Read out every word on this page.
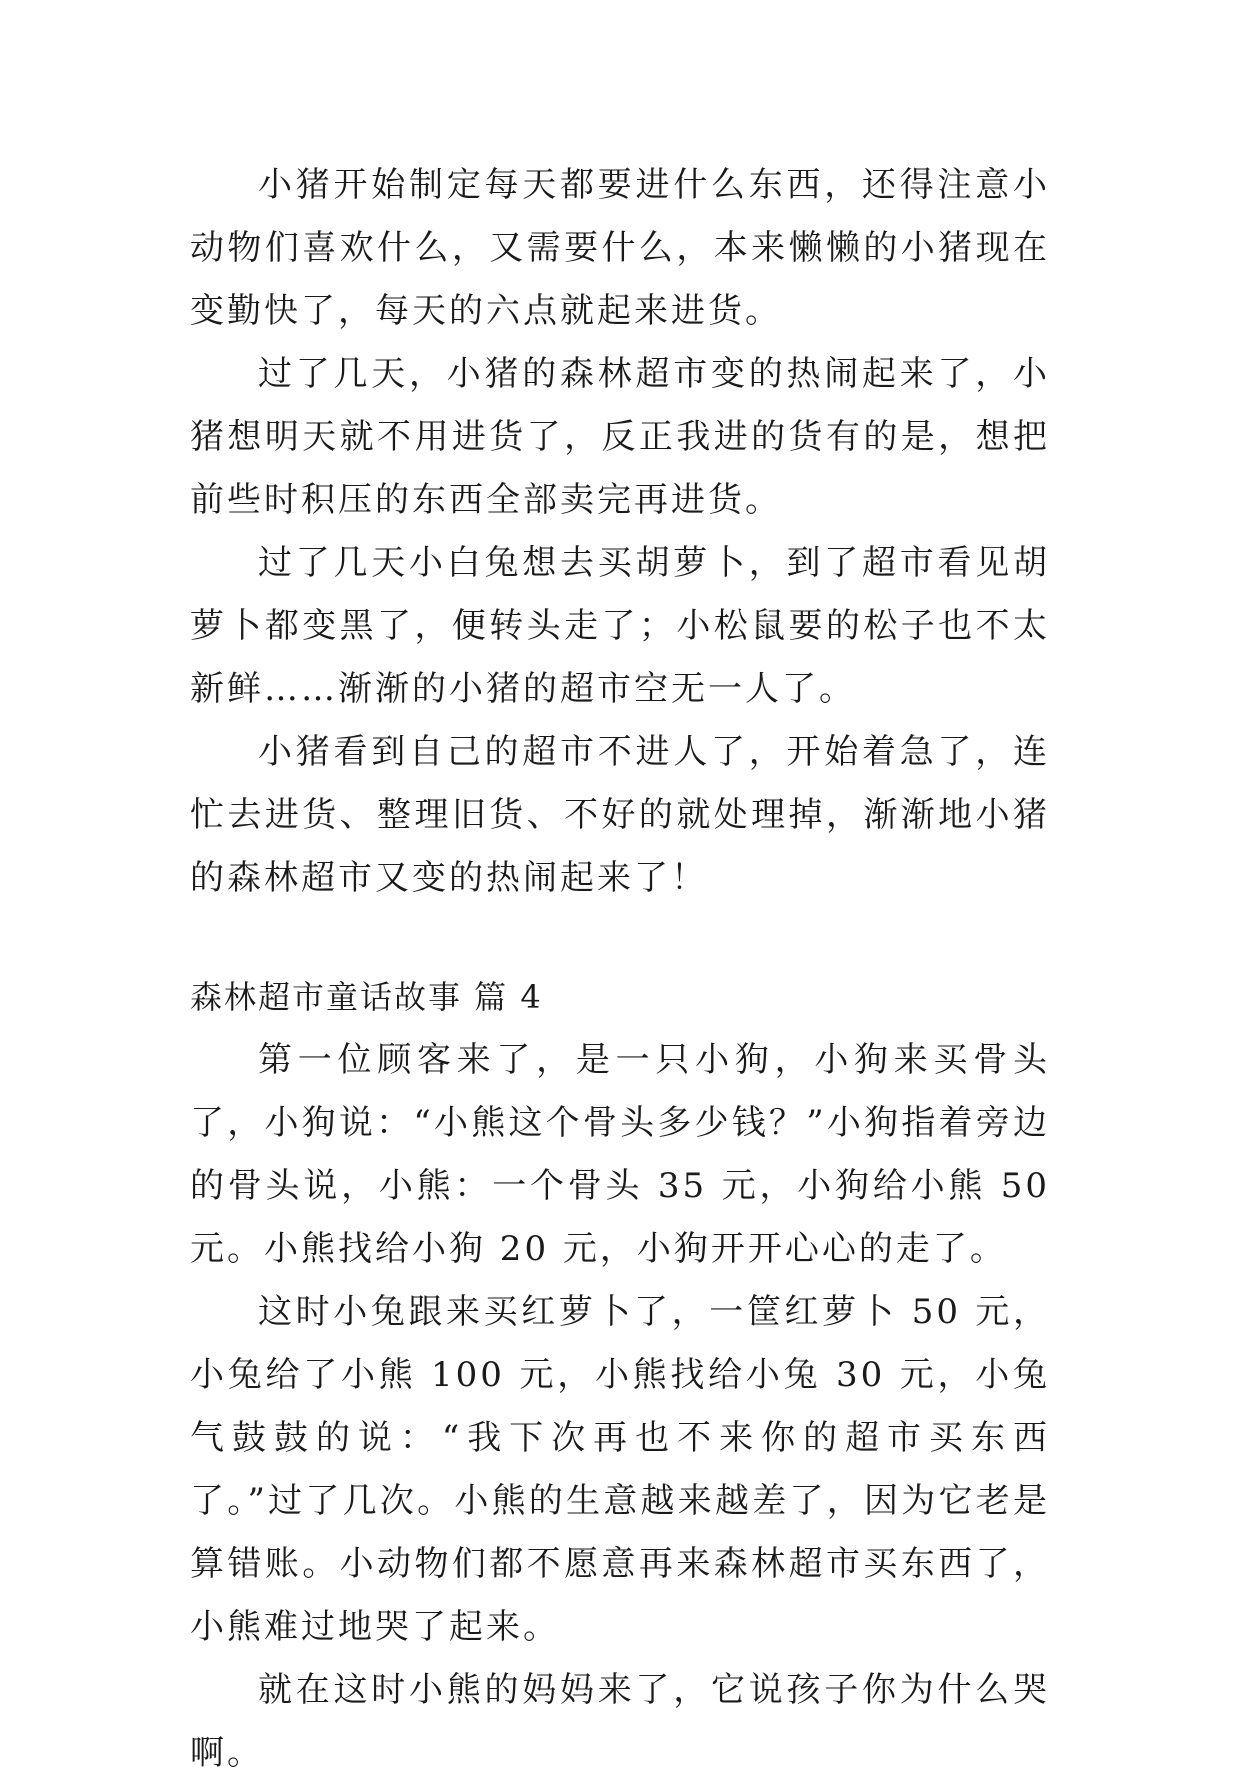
小猪开始制定每天都要进什么东西，还得注意小动物们喜欢什么，又需要什么，本来懒懒的小猪现在变勤快了，每天的六点就起来进货。

过了几天，小猪的森林超市变的热闹起来了，小猪想明天就不用进货了，反正我进的货有的是，想把前些时积压的东西全部卖完再进货。

过了几天小白兔想去买胡萝卜，到了超市看见胡萝卜都变黑了，便转头走了；小松鼠要的松子也不太新鲜……渐渐的小猪的超市空无一人了。

小猪看到自己的超市不进人了，开始着急了，连忙去进货、整理旧货、不好的就处理掉，渐渐地小猪的森林超市又变的热闹起来了！

森林超市童话故事 篇 4

第一位顾客来了，是一只小狗，小狗来买骨头了，小狗说：“小熊这个骨头多少钱？”小狗指着旁边的骨头说，小熊：一个骨头 35 元，小狗给小熊 50 元。小熊找给小狗 20 元，小狗开开心心的走了。

这时小兔跟来买红萝卜了，一筐红萝卜 50 元，小兔给了小熊 100 元，小熊找给小兔 30 元，小兔气鼓鼓的说：“我下次再也不来你的超市买东西了。”过了几次。小熊的生意越来越差了，因为它老是算错账。小动物们都不愿意再来森林超市买东西了，小熊难过地哭了起来。

就在这时小熊的妈妈来了，它说孩子你为什么哭啊。
